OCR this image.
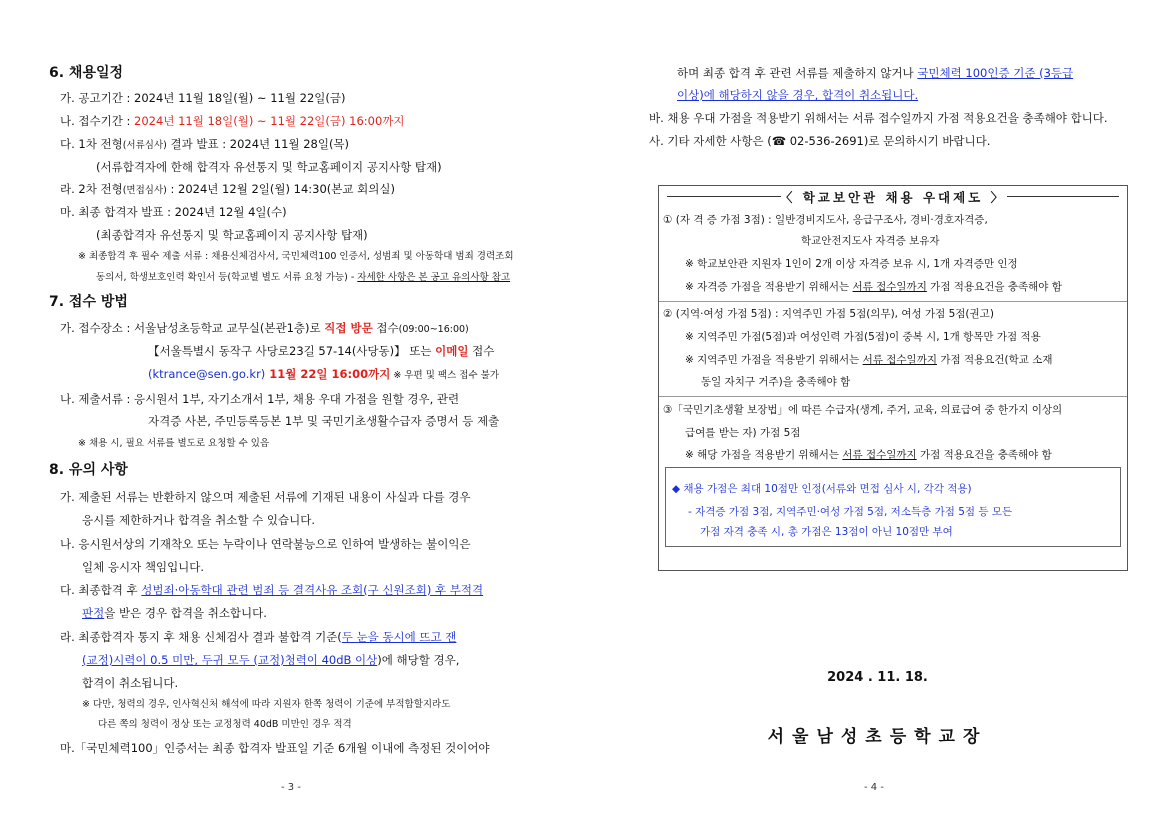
6. 채용일정
가. 공고기간 : 2024년 11월 18일(월) ~ 11월 22일(금)
나. 접수기간 : 2024년 11월 18일(월) ~ 11월 22일(금) 16:00까지
다. 1차 전형(서류심사) 결과 발표 : 2024년 11월 28일(목)
(서류합격자에 한해 합격자 유선통지 및 학교홈페이지 공지사항 탑재)
라. 2차 전형(면접심사) : 2024년 12월 2일(월) 14:30(본교 회의실)
마. 최종 합격자 발표 : 2024년 12월 4일(수)
(최종합격자 유선통지 및 학교홈페이지 공지사항 탑재)
※ 최종합격 후 필수 제출 서류 : 채용신체검사서, 국민체력100 인증서, 성범죄 및 아동학대 범죄 경력조회
동의서, 학생보호인력 확인서 등(학교별 별도 서류 요청 가능) - 자세한 사항은 본 공고 유의사항 참고
7. 접수 방법
가. 접수장소 : 서울남성초등학교 교무실(본관1층)로 직접 방문 접수(09:00~16:00)
【서울특별시 동작구 사당로23길 57-14(사당동)】 또는 이메일 접수
(ktrance@sen.go.kr) 11월 22일 16:00까지 ※ 우편 및 팩스 접수 불가
나. 제출서류 : 응시원서 1부, 자기소개서 1부, 채용 우대 가점을 원할 경우, 관련
자격증 사본, 주민등록등본 1부 및 국민기초생활수급자 증명서 등 제출
※ 채용 시, 필요 서류를 별도로 요청할 수 있음
8. 유의 사항
가. 제출된 서류는 반환하지 않으며 제출된 서류에 기재된 내용이 사실과 다를 경우
응시를 제한하거나 합격을 취소할 수 있습니다.
나. 응시원서상의 기재착오 또는 누락이나 연락불능으로 인하여 발생하는 불이익은
일체 응시자 책임입니다.
다. 최종합격 후 성범죄·아동학대 관련 범죄 등 결격사유 조회(구 신원조회) 후 부적격
판정을 받은 경우 합격을 취소합니다.
라. 최종합격자 통지 후 채용 신체검사 결과 불합격 기준(두 눈을 동시에 뜨고 잰
(교정)시력이 0.5 미만, 두귀 모두 (교정)청력이 40dB 이상)에 해당할 경우,
합격이 취소됩니다.
※ 다만, 청력의 경우, 인사혁신처 해석에 따라 지원자 한쪽 청력이 기준에 부적합할지라도
다른 쪽의 청력이 정상 또는 교정청력 40dB 미만인 경우 적격
마.「국민체력100」인증서는 최종 합격자 발표일 기준 6개월 이내에 측정된 것이어야
- 3 -
하며 최종 합격 후 관련 서류를 제출하지 않거나 국민체력 100인증 기준 (3등급
이상)에 해당하지 않을 경우, 합격이 취소됩니다.
바. 채용 우대 가점을 적용받기 위해서는 서류 접수일까지 가점 적용요건을 충족해야 합니다.
사. 기타 자세한 사항은 (☎ 02-536-2691)로 문의하시기 바랍니다.
〈 학교보안관 채용 우대제도 〉
① (자 격 증 가점 3점) : 일반경비지도사, 응급구조사, 경비·경호자격증,
학교안전지도사 자격증 보유자
※ 학교보안관 지원자 1인이 2개 이상 자격증 보유 시, 1개 자격증만 인정
※ 자격증 가점을 적용받기 위해서는 서류 접수일까지 가점 적용요건을 충족해야 함
② (지역·여성 가점 5점) : 지역주민 가점 5점(의무), 여성 가점 5점(권고)
※ 지역주민 가점(5점)과 여성인력 가점(5점)이 중복 시, 1개 항목만 가점 적용
※ 지역주민 가점을 적용받기 위해서는 서류 접수일까지 가점 적용요건(학교 소재
동일 자치구 거주)을 충족해야 함
③「국민기초생활 보장법」에 따른 수급자(생계, 주거, 교육, 의료급여 중 한가지 이상의
급여를 받는 자) 가점 5점
※ 해당 가점을 적용받기 위해서는 서류 접수일까지 가점 적용요건을 충족해야 함
◆ 채용 가점은 최대 10점만 인정(서류와 면접 심사 시, 각각 적용)
- 자격증 가점 3점, 지역주민·여성 가점 5점, 저소득층 가점 5점 등 모든
가점 자격 충족 시, 총 가점은 13점이 아닌 10점만 부여
2024 . 11. 18.
서울남성초등학교장
- 4 -
